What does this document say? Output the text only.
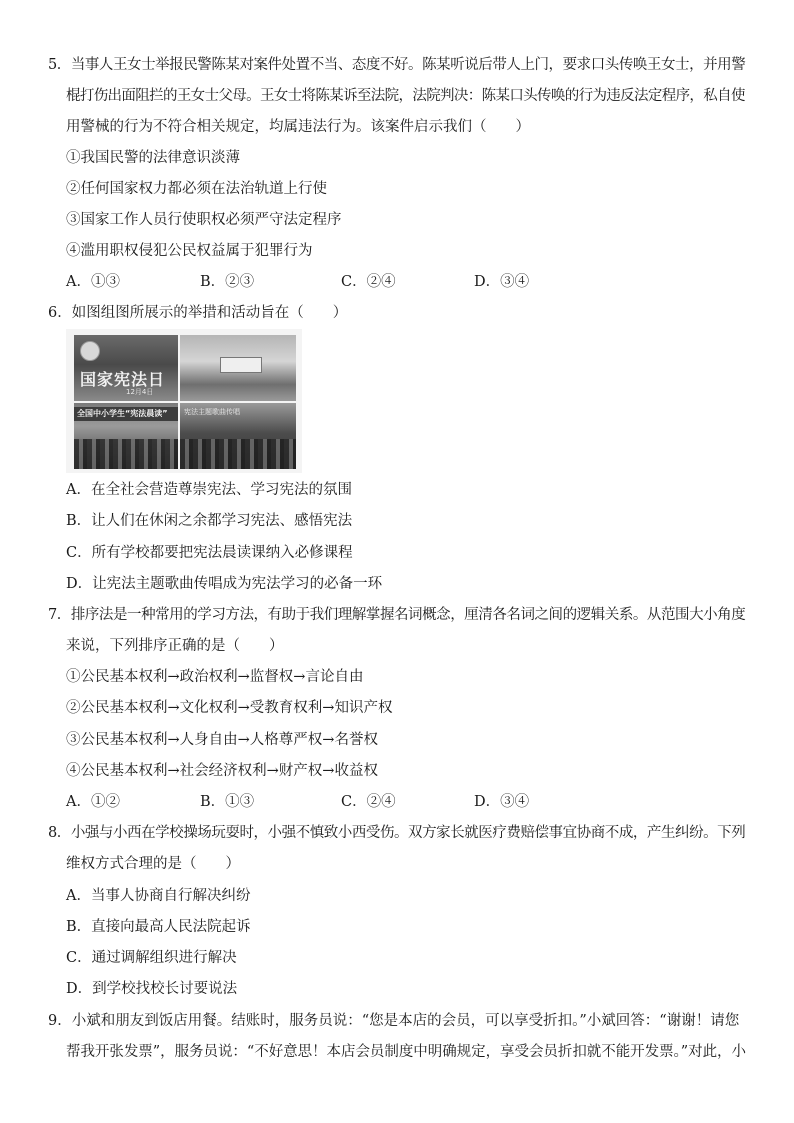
5．当事人王女士举报民警陈某对案件处置不当、态度不好。陈某听说后带人上门，要求口头传唤王女士，并用警
棍打伤出面阻拦的王女士父母。王女士将陈某诉至法院，法院判决：陈某口头传唤的行为违反法定程序，私自使
用警械的行为不符合相关规定，均属违法行为。该案件启示我们（　　）
①我国民警的法律意识淡薄
②任何国家权力都必须在法治轨道上行使
③国家工作人员行使职权必须严守法定程序
④滥用职权侵犯公民权益属于犯罪行为
A．①③	B．②③	C．②④	D．③④
6．如图组图所展示的举措和活动旨在（　　）
国家宪法日
12月4日
全国中小学生“宪法晨读”	宪法主题歌曲传唱
A．在全社会营造尊崇宪法、学习宪法的氛围
B．让人们在休闲之余都学习宪法、感悟宪法
C．所有学校都要把宪法晨读课纳入必修课程
D．让宪法主题歌曲传唱成为宪法学习的必备一环
7．排序法是一种常用的学习方法，有助于我们理解掌握名词概念，厘清各名词之间的逻辑关系。从范围大小角度
来说，下列排序正确的是（　　）
①公民基本权利→政治权利→监督权→言论自由
②公民基本权利→文化权利→受教育权利→知识产权
③公民基本权利→人身自由→人格尊严权→名誉权
④公民基本权利→社会经济权利→财产权→收益权
A．①②	B．①③	C．②④	D．③④
8．小强与小西在学校操场玩耍时，小强不慎致小西受伤。双方家长就医疗费赔偿事宜协商不成，产生纠纷。下列
维权方式合理的是（　　）
A．当事人协商自行解决纠纷
B．直接向最高人民法院起诉
C．通过调解组织进行解决
D．到学校找校长讨要说法
9．小斌和朋友到饭店用餐。结账时，服务员说：“您是本店的会员，可以享受折扣。”小斌回答：“谢谢！请您
帮我开张发票”，服务员说：“不好意思！本店会员制度中明确规定，享受会员折扣就不能开发票。”对此，小
